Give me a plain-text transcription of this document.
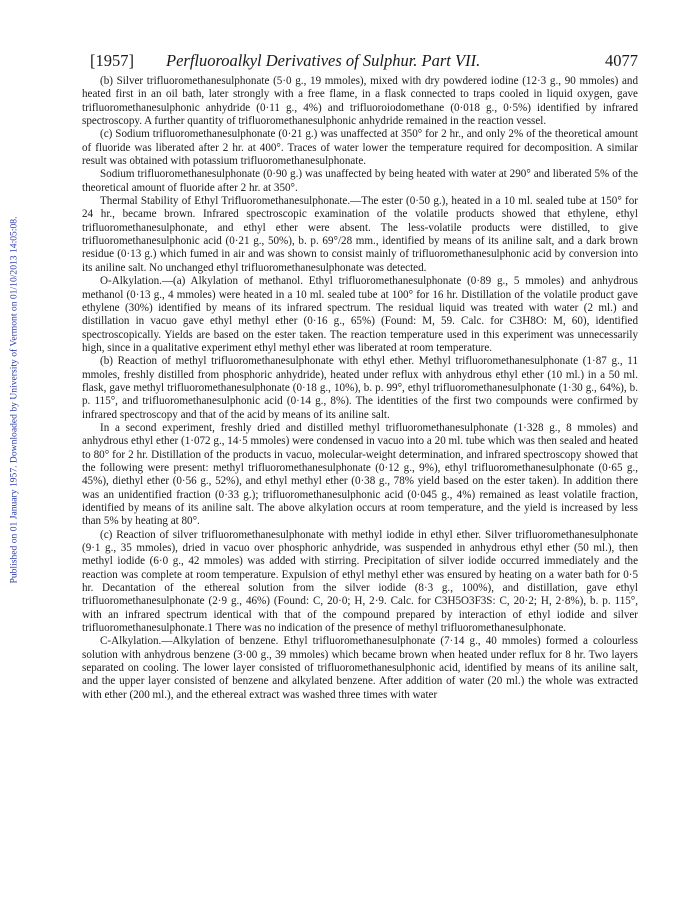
Published on 01 January 1957. Downloaded by University of Vermont on 01/10/2013 14:05:08.
[1957] Perfluoroalkyl Derivatives of Sulphur. Part VII.	4077

(b) Silver trifluoromethanesulphonate (5·0 g., 19 mmoles), mixed with dry powdered iodine (12·3 g., 90 mmoles) and heated first in an oil bath, later strongly with a free flame, in a flask connected to traps cooled in liquid oxygen, gave trifluoromethanesulphonic anhydride (0·11 g., 4%) and trifluoroiodomethane (0·018 g., 0·5%) identified by infrared spectroscopy. A further quantity of trifluoromethanesulphonic anhydride remained in the reaction vessel.

(c) Sodium trifluoromethanesulphonate (0·21 g.) was unaffected at 350° for 2 hr., and only 2% of the theoretical amount of fluoride was liberated after 2 hr. at 400°. Traces of water lower the temperature required for decomposition. A similar result was obtained with potassium trifluoromethanesulphonate.

Sodium trifluoromethanesulphonate (0·90 g.) was unaffected by being heated with water at 290° and liberated 5% of the theoretical amount of fluoride after 2 hr. at 350°.

Thermal Stability of Ethyl Trifluoromethanesulphonate.—The ester (0·50 g.), heated in a 10 ml. sealed tube at 150° for 24 hr., became brown. Infrared spectroscopic examination of the volatile products showed that ethylene, ethyl trifluoromethanesulphonate, and ethyl ether were absent. The less-volatile products were distilled, to give trifluoromethanesulphonic acid (0·21 g., 50%), b. p. 69°/28 mm., identified by means of its aniline salt, and a dark brown residue (0·13 g.) which fumed in air and was shown to consist mainly of trifluoromethanesulphonic acid by conversion into its aniline salt. No unchanged ethyl trifluoromethanesulphonate was detected.

O-Alkylation.—(a) Alkylation of methanol. Ethyl trifluoromethanesulphonate (0·89 g., 5 mmoles) and anhydrous methanol (0·13 g., 4 mmoles) were heated in a 10 ml. sealed tube at 100° for 16 hr. Distillation of the volatile product gave ethylene (30%) identified by means of its infrared spectrum. The residual liquid was treated with water (2 ml.) and distillation in vacuo gave ethyl methyl ether (0·16 g., 65%) (Found: M, 59. Calc. for C3H8O: M, 60), identified spectroscopically. Yields are based on the ester taken. The reaction temperature used in this experiment was unnecessarily high, since in a qualitative experiment ethyl methyl ether was liberated at room temperature.

(b) Reaction of methyl trifluoromethanesulphonate with ethyl ether. Methyl trifluoromethanesulphonate (1·87 g., 11 mmoles, freshly distilled from phosphoric anhydride), heated under reflux with anhydrous ethyl ether (10 ml.) in a 50 ml. flask, gave methyl trifluoromethanesulphonate (0·18 g., 10%), b. p. 99°, ethyl trifluoromethanesulphonate (1·30 g., 64%), b. p. 115°, and trifluoromethanesulphonic acid (0·14 g., 8%). The identities of the first two compounds were confirmed by infrared spectroscopy and that of the acid by means of its aniline salt.

In a second experiment, freshly dried and distilled methyl trifluoromethanesulphonate (1·328 g., 8 mmoles) and anhydrous ethyl ether (1·072 g., 14·5 mmoles) were condensed in vacuo into a 20 ml. tube which was then sealed and heated to 80° for 2 hr. Distillation of the products in vacuo, molecular-weight determination, and infrared spectroscopy showed that the following were present: methyl trifluoromethanesulphonate (0·12 g., 9%), ethyl trifluoromethanesulphonate (0·65 g., 45%), diethyl ether (0·56 g., 52%), and ethyl methyl ether (0·38 g., 78% yield based on the ester taken). In addition there was an unidentified fraction (0·33 g.); trifluoromethanesulphonic acid (0·045 g., 4%) remained as least volatile fraction, identified by means of its aniline salt. The above alkylation occurs at room temperature, and the yield is increased by less than 5% by heating at 80°.

(c) Reaction of silver trifluoromethanesulphonate with methyl iodide in ethyl ether. Silver trifluoromethanesulphonate (9·1 g., 35 mmoles), dried in vacuo over phosphoric anhydride, was suspended in anhydrous ethyl ether (50 ml.), then methyl iodide (6·0 g., 42 mmoles) was added with stirring. Precipitation of silver iodide occurred immediately and the reaction was complete at room temperature. Expulsion of ethyl methyl ether was ensured by heating on a water bath for 0·5 hr. Decantation of the ethereal solution from the silver iodide (8·3 g., 100%), and distillation, gave ethyl trifluoromethanesulphonate (2·9 g., 46%) (Found: C, 20·0; H, 2·9. Calc. for C3H5O3F3S: C, 20·2; H, 2·8%), b. p. 115°, with an infrared spectrum identical with that of the compound prepared by interaction of ethyl iodide and silver trifluoromethanesulphonate.1 There was no indication of the presence of methyl trifluoromethanesulphonate.

C-Alkylation.—Alkylation of benzene. Ethyl trifluoromethanesulphonate (7·14 g., 40 mmoles) formed a colourless solution with anhydrous benzene (3·00 g., 39 mmoles) which became brown when heated under reflux for 8 hr. Two layers separated on cooling. The lower layer consisted of trifluoromethanesulphonic acid, identified by means of its aniline salt, and the upper layer consisted of benzene and alkylated benzene. After addition of water (20 ml.) the whole was extracted with ether (200 ml.), and the ethereal extract was washed three times with water
